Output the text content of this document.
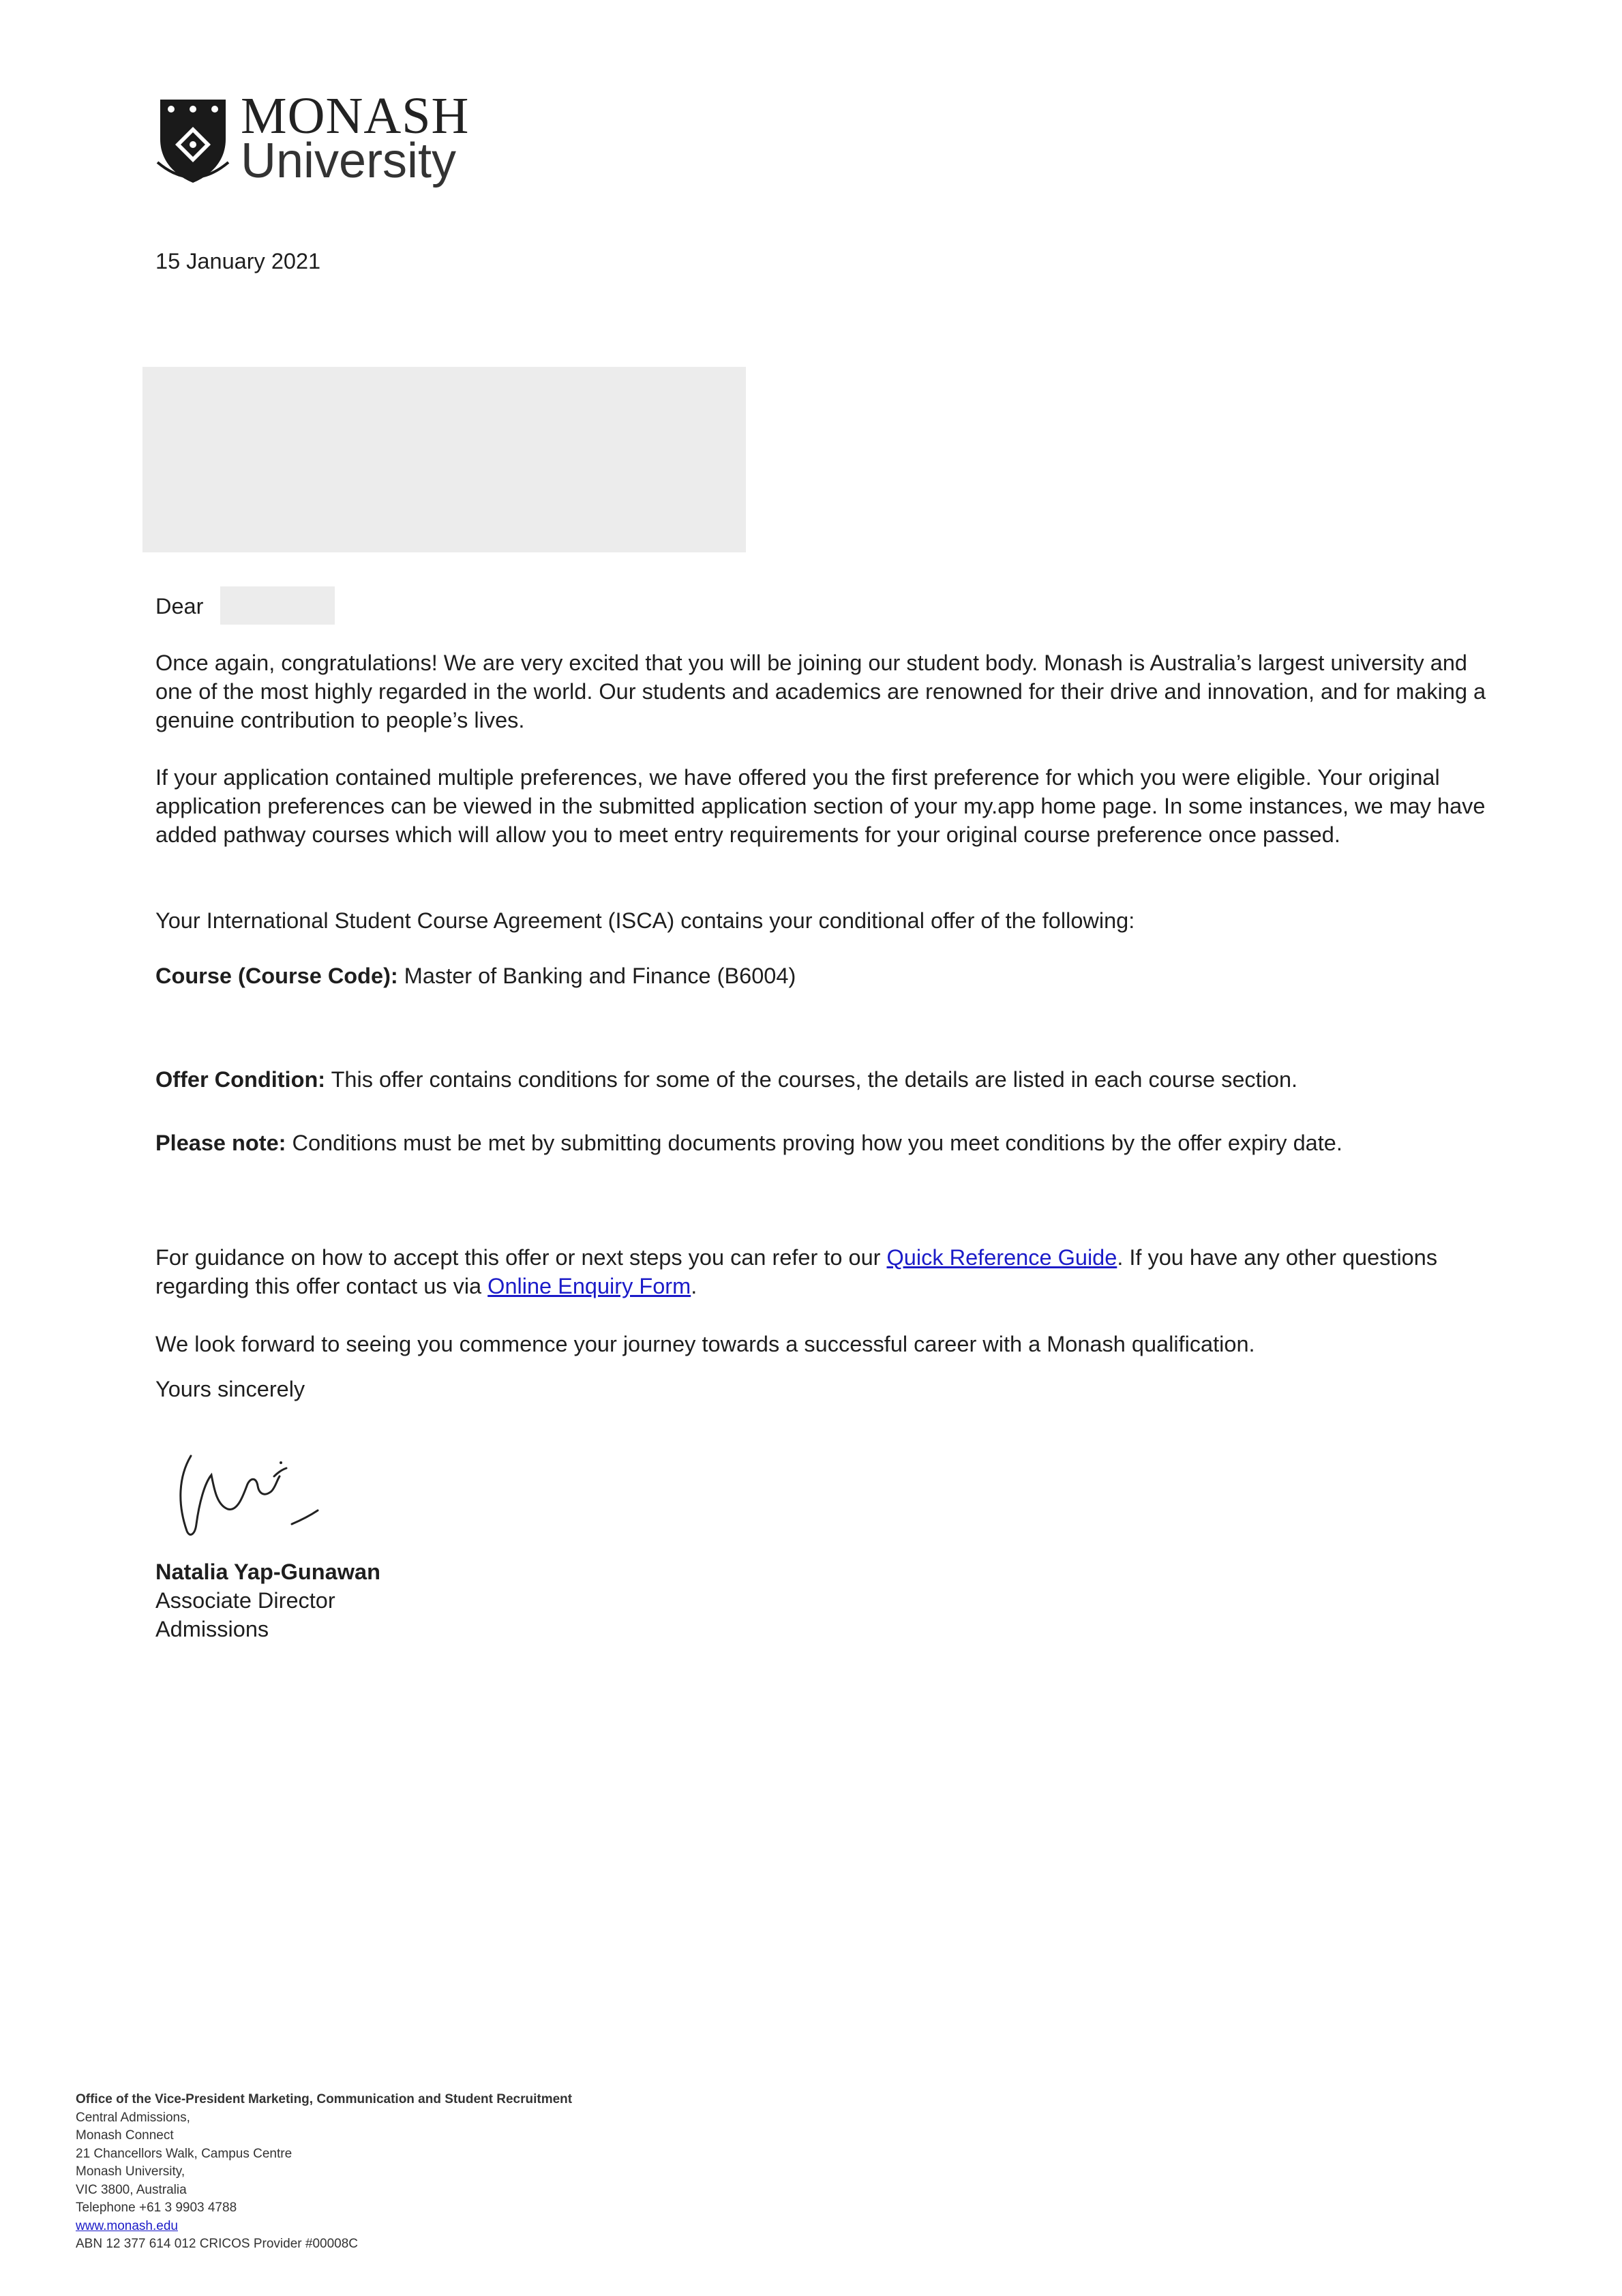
MONASH
University
15 January 2021
Dear
Once again, congratulations! We are very excited that you will be joining our student body. Monash is Australia’s largest university and one of the most highly regarded in the world. Our students and academics are renowned for their drive and innovation, and for making a genuine contribution to people’s lives.
If your application contained multiple preferences, we have offered you the first preference for which you were eligible. Your original application preferences can be viewed in the submitted application section of your my.app home page. In some instances, we may have added pathway courses which will allow you to meet entry requirements for your original course preference once passed.
Your International Student Course Agreement (ISCA) contains your conditional offer of the following:
Course (Course Code): Master of Banking and Finance (B6004)
Offer Condition: This offer contains conditions for some of the courses, the details are listed in each course section.
Please note: Conditions must be met by submitting documents proving how you meet conditions by the offer expiry date.
For guidance on how to accept this offer or next steps you can refer to our Quick Reference Guide. If you have any other questions regarding this offer contact us via Online Enquiry Form.
We look forward to seeing you commence your journey towards a successful career with a Monash qualification.
Yours sincerely
Natalia Yap-Gunawan
Associate Director
Admissions
Office of the Vice-President Marketing, Communication and Student Recruitment
Central Admissions,
Monash Connect
21 Chancellors Walk, Campus Centre
Monash University,
VIC 3800, Australia
Telephone +61 3 9903 4788
www.monash.edu
ABN 12 377 614 012 CRICOS Provider #00008C
